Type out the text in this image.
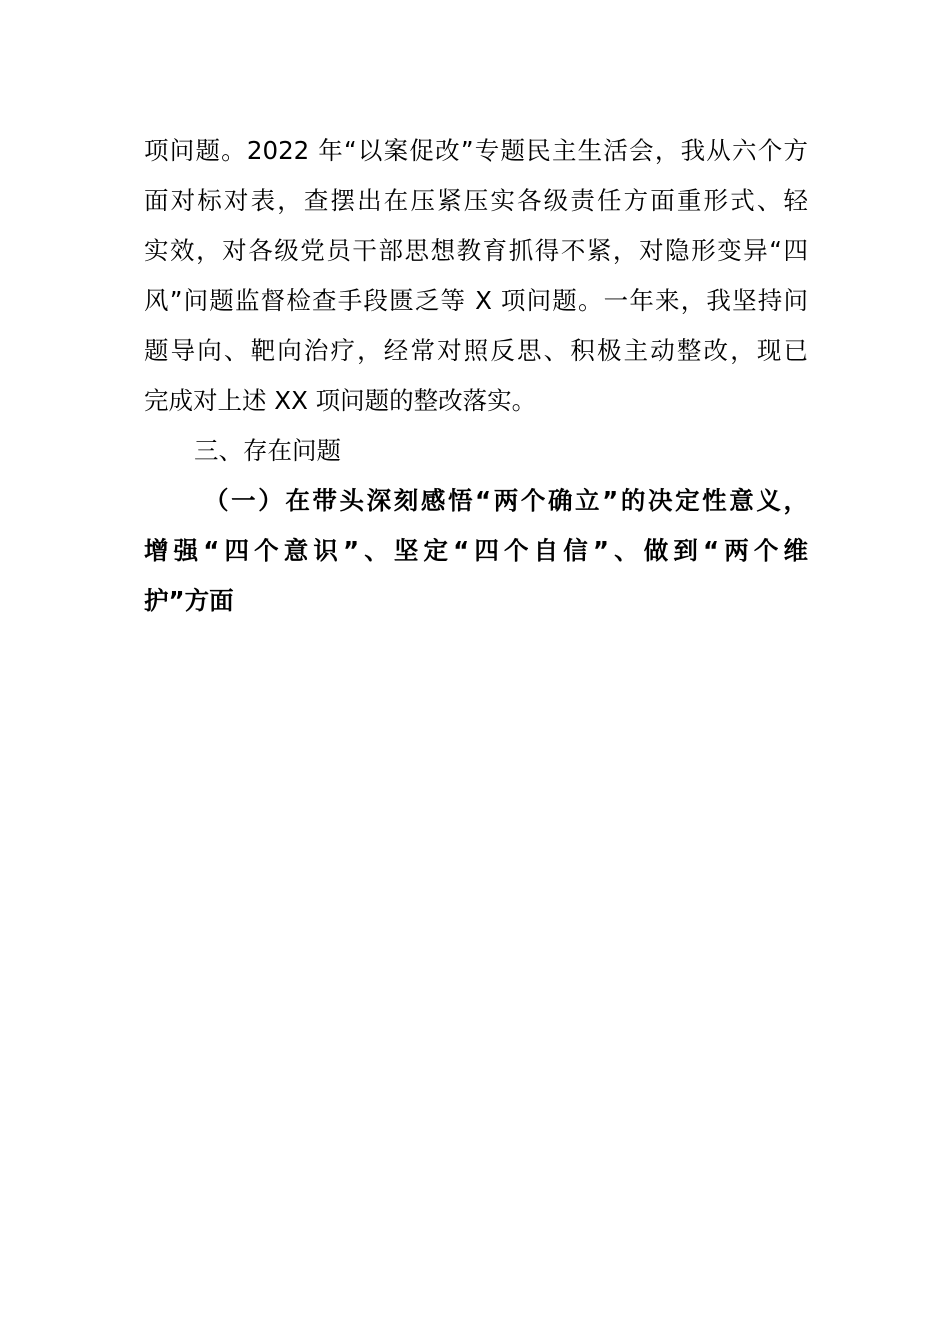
项问题。2022 年“以案促改”专题民主生活会，我从六个方
面对标对表，查摆出在压紧压实各级责任方面重形式、轻
实效，对各级党员干部思想教育抓得不紧，对隐形变异“四
风”问题监督检查手段匮乏等 X 项问题。一年来，我坚持问
题导向、靶向治疗，经常对照反思、积极主动整改，现已
完成对上述 XX 项问题的整改落实。
三、存在问题
（一）在带头深刻感悟“两个确立”的决定性意义，
增强“四个意识”、坚定“四个自信”、做到“两个维
护”方面
